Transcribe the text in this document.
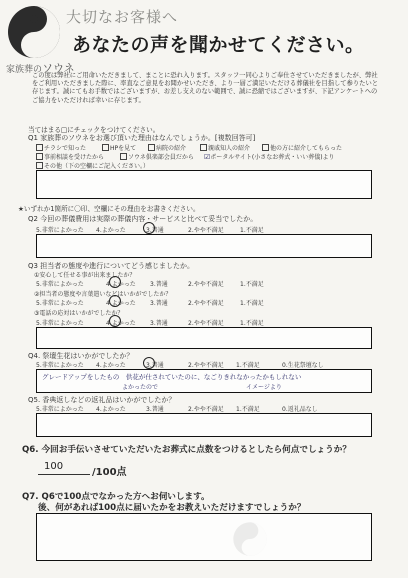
大切なお客様へ
あなたの声を聞かせてください。
家族葬のソウネ
この度は弊社にご用命いただきまして、まことに恐れ入ります。スタッフ一同心よりご奉仕させていただきましたが、弊社をご利用いただきました際に、率直なご意見をお聞かせいただき、より一層ご満足いただける葬儀社を目指して参りたいと存じます。誠にてもお手数ではございますが、お差し支えのない範囲で、誠に恐縮ではございますが、下記アンケートへのご協力をいただければ幸いに存じます。
当てはまる□にチェックをつけてください。
Q1 家族葬のソウネをお選び頂いた理由はなんでしょうか。[複数回答可]
チラシで知った	HPを見て	病院の紹介	親戚知人の紹介	他の方に紹介してもらった
事前相談を受けたから	ソウネ倶楽部会員だから ☑ポータルサイト(小さなお葬式・いい葬儀)より
その他（下の空欄にご記入ください。）
★いずれか1箇所に〇印、空欄にその理由をお書きください。
Q2 今回の葬儀費用は実際の葬儀内容・サービスと比べて妥当でしたか。
5.非常によかった 4.よかった	3.普通	2.やや不満足	1.不満足
Q3 担当者の態度や進行についてどう感じましたか。
①安心して任せる事が出来ましたか？
5.非常によかった	4.よかった 3.普通	2.やや不満足	1.不満足
②担当者の態度や言葉遣いなどはいかがでしたか？
5.非常によかった	4.よかった 3.普通	2.やや不満足	1.不満足
③電話の応対はいかがでしたか？
5.非常によかった	4.よかった 3.普通	2.やや不満足	1.不満足
Q4. 祭壇生花はいかがでしたか？
5.非常によかった 4.よかった	3.普通	2.やや不満足 1.不満足	0.生花祭壇なし
グレードアップをしたもの　供花が仕されていたのに、なごりきれなかったかもしれない
よかったので	イメージより
Q5. 香典返しなどの返礼品はいかがでしたか？
5.非常によかった 4.よかった	3.普通	2.やや不満足 1.不満足	0.返礼品なし
Q6. 今回お手伝いさせていただいたお葬式に点数をつけるとしたら何点でしょうか？
100
/100点
Q7. Q6で100点でなかった方へお伺いします。
後、何があれば100点に届いたかをお教えいただけますでしょうか？
